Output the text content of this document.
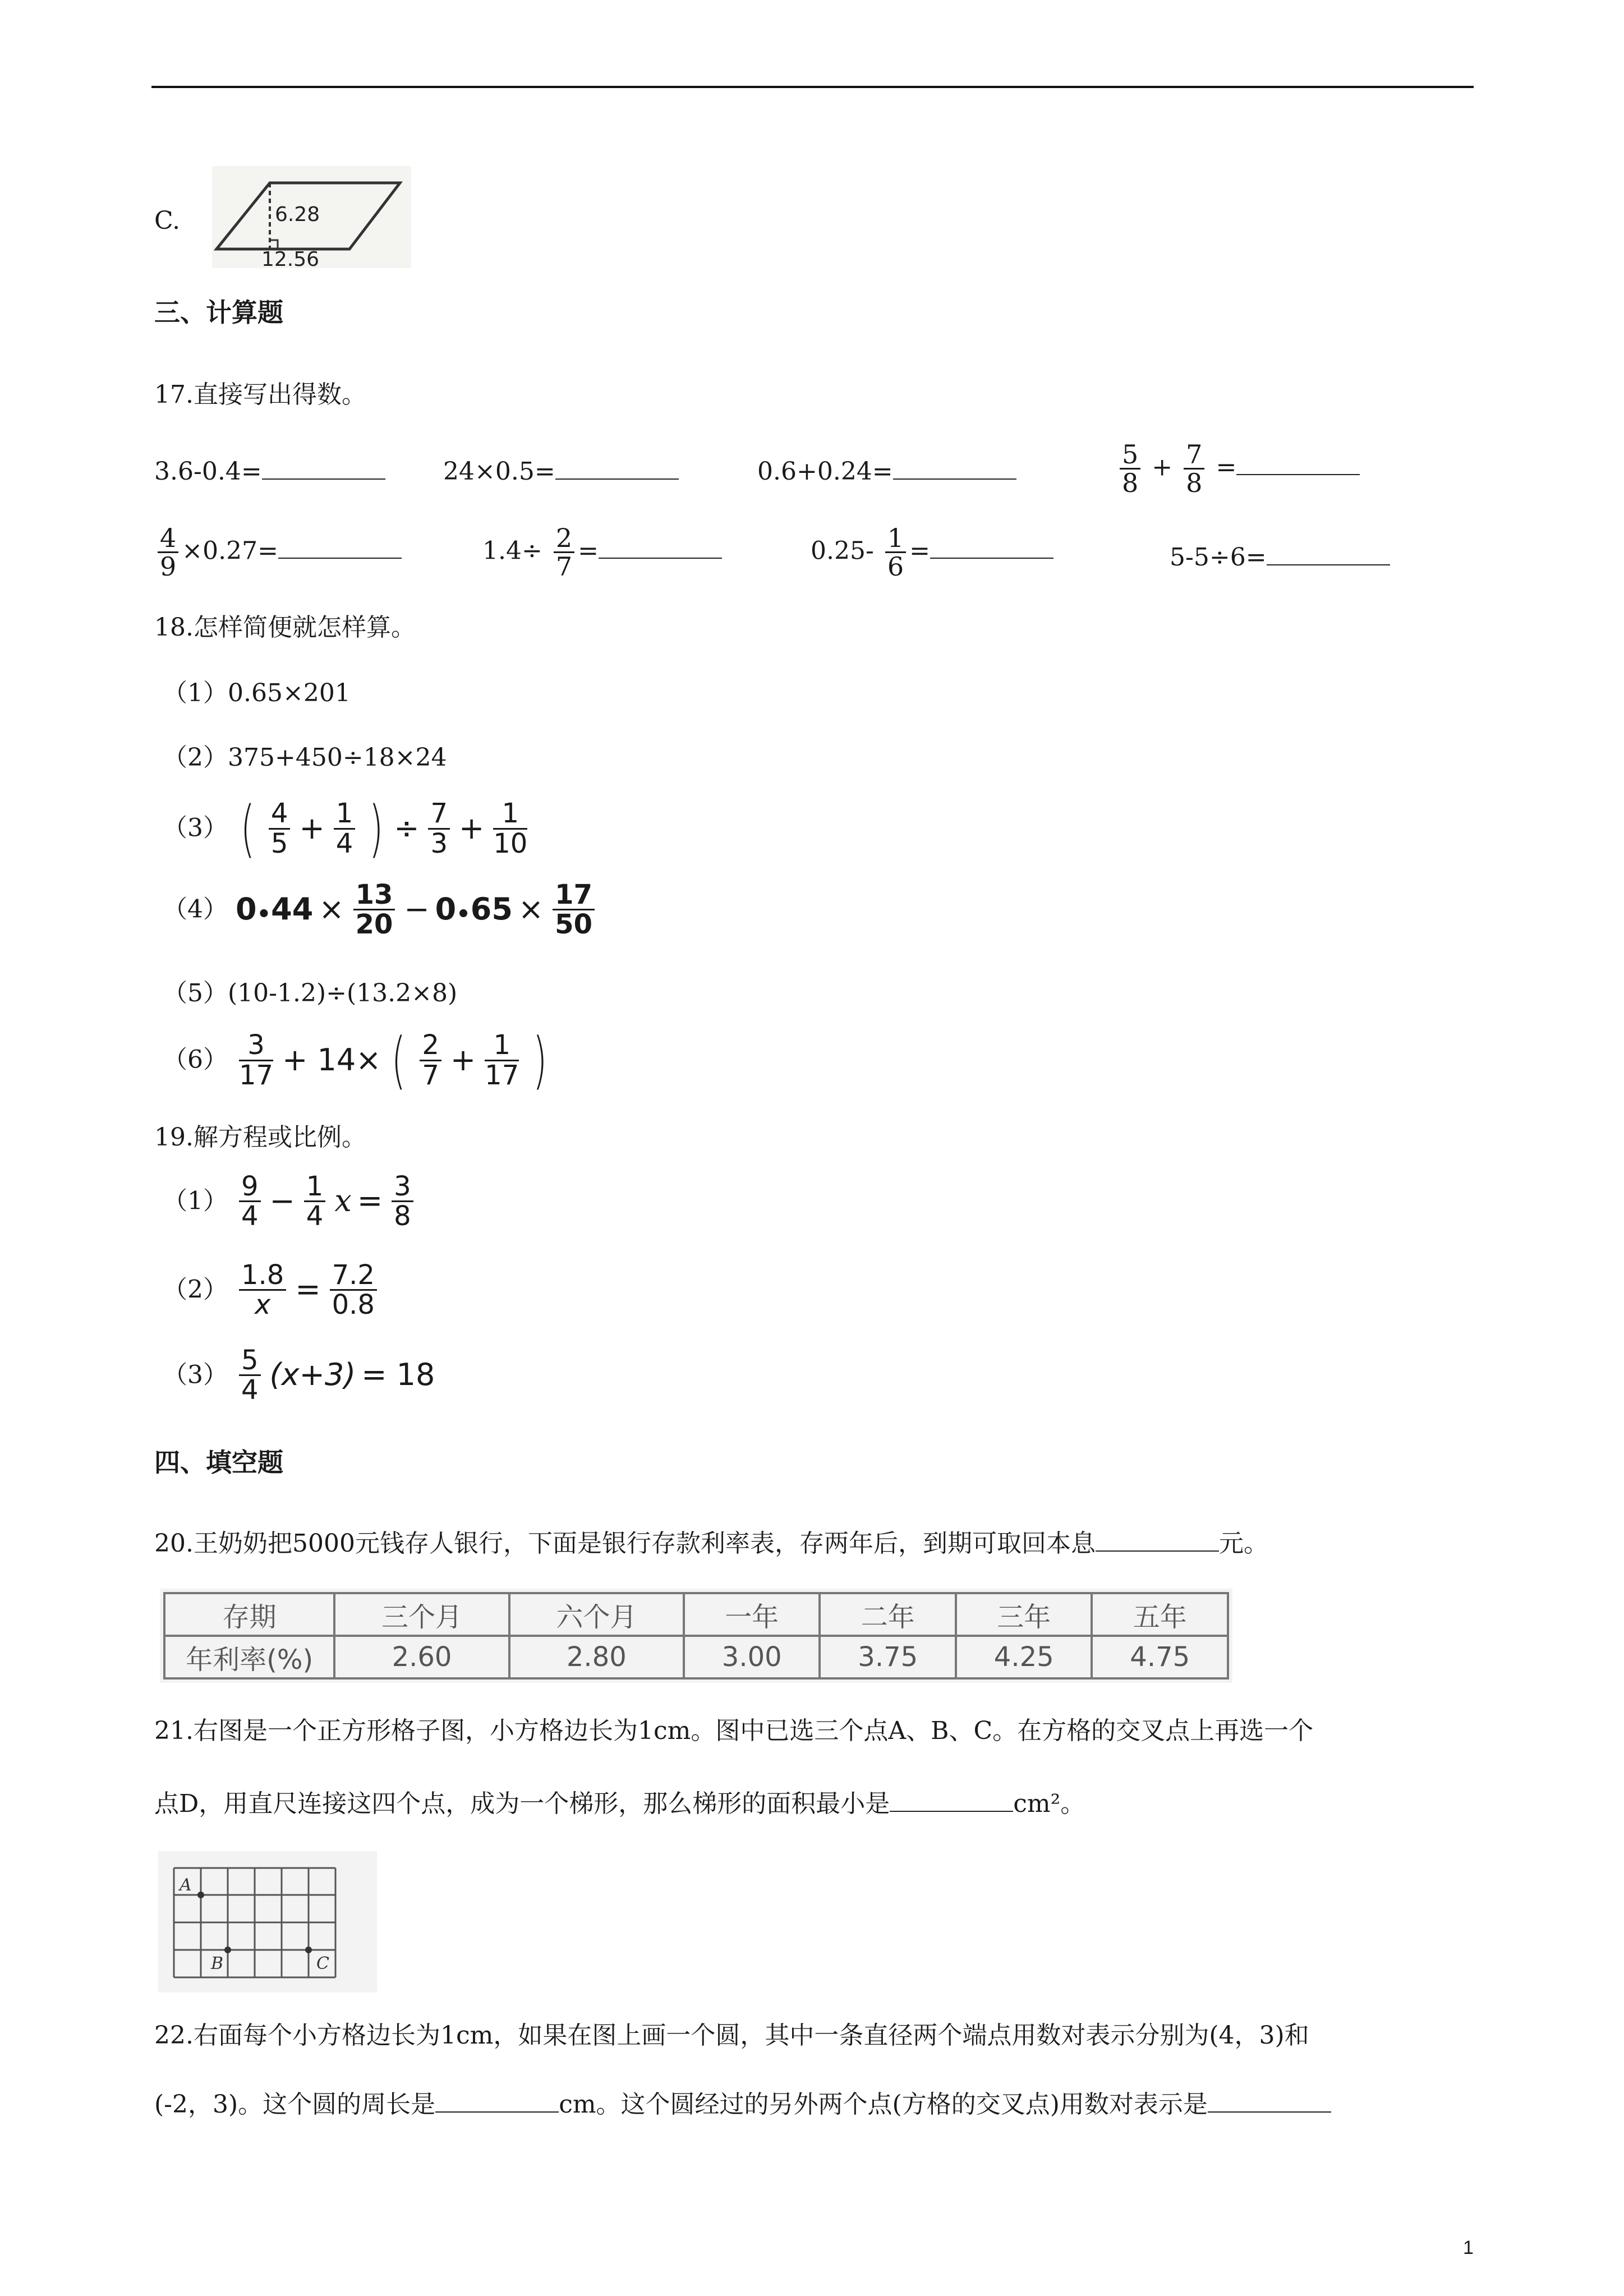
C.	6.28
12.56
三、计算题
17.直接写出得数。
3.6-0.4=	24×0.5=	0.6+0.24=	$\frac{5}{8} + \frac{7}{8}$ =
$\frac{4}{9} \times 0.27=$	$1.4\div \frac{2}{7}$ =	$0.25- \frac{1}{6}$ =	5-5÷6=
18.怎样简便就怎样算。
（1）0.65×201
（2）375+450÷18×24
（3） ( $\frac{4}{5} + \frac{1}{4}$ ) ÷ $\frac{7}{3} + \frac{1}{10}$
（4） 0•44 × $\frac{13}{20}$ − 0•65 × $\frac{17}{50}$
（5）(10-1.2)÷(13.2×8)
$(6) \frac{3}{17} + 14\times$ ( $\frac{2}{7} + \frac{1}{17}$ )
19.解方程或比例。
$(1) \frac{9}{4} - \frac{1}{4}$ $x = \frac{3}{8}$
$(2) \frac{1.8}{x} = \frac{7.2}{0.8}$
$(3) \frac{5}{4} (x+3) = 18$
四、填空题
20.王奶奶把5000元钱存人银行，下面是银行存款利率表，存两年后，到期可取回本息	元。
存期	三个月	六个月	一年	二年	三年	五年
年利率(%)	2.60	2.80	3.00	3.75	4.25	4.75
21.右图是一个正方形格子图，小方格边长为1cm。图中已选三个点A、B、C。在方格的交叉点上再选一个
点D，用直尺连接这四个点，成为一个梯形，那么梯形的面积最小是	cm²。
A
B	C
22.右面每个小方格边长为1cm，如果在图上画一个圆，其中一条直径两个端点用数对表示分别为(4，3)和
(-2，3)。这个圆的周长是	cm。这个圆经过的另外两个点(方格的交叉点)用数对表示是
1
